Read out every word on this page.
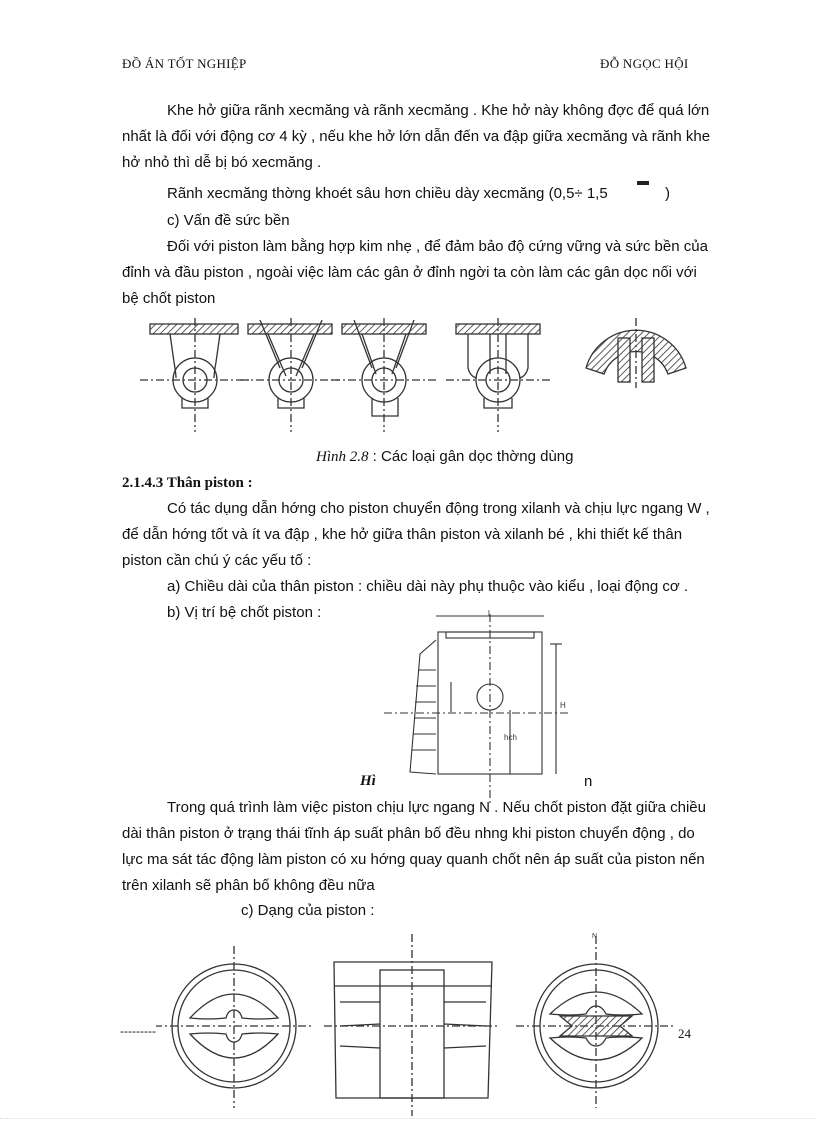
ĐỒ ÁN TỐT NGHIỆP	ĐỖ NGỌC HỘI
Khe hở giữa rãnh xecmăng và rãnh xecmăng . Khe hở này không đợc để quá lớn
nhất là đối với động cơ 4 kỳ , nếu khe hở lớn dẫn đến va đập giữa xecmăng và rãnh khe
hở nhỏ thì dễ bị bó xecmăng .
Rãnh xecmăng thờng khoét sâu hơn chiều dày xecmăng (0,5÷ 1,5	)
c) Vấn đề sức bền
Đối với piston làm bằng hợp kim nhẹ , để đảm bảo độ cứng vững và sức bền của
đỉnh và đầu piston , ngoài việc làm các gân ở đỉnh ngời ta còn làm các gân dọc nối với
bệ chốt piston
Hình 2.8 : Các loại gân dọc thờng dùng
2.1.4.3 Thân piston :
Có tác dụng dẫn hớng cho piston chuyển động trong xilanh và chịu lực ngang W ,
để dẫn hớng tốt và ít va đập , khe hở giữa thân piston và xilanh bé , khi thiết kế thân
piston cần chú ý các yếu tố :
a) Chiều dài của thân piston : chiều dài này phụ thuộc vào kiểu , loại động cơ .
b) Vị trí bệ chốt piston :	l
H
hch
Hì	n
Trong quá trình làm việc piston chịu lực ngang N . Nếu chốt piston đặt giữa chiều
dài thân piston ở trạng thái tĩnh áp suất phân bố đều nhng khi piston chuyển động , do
lực ma sát tác động làm piston có xu hớng quay quanh chốt nên áp suất của piston nến
trên xilanh sẽ phân bố không đều nữa
c) Dạng của piston :
N
---------	24
